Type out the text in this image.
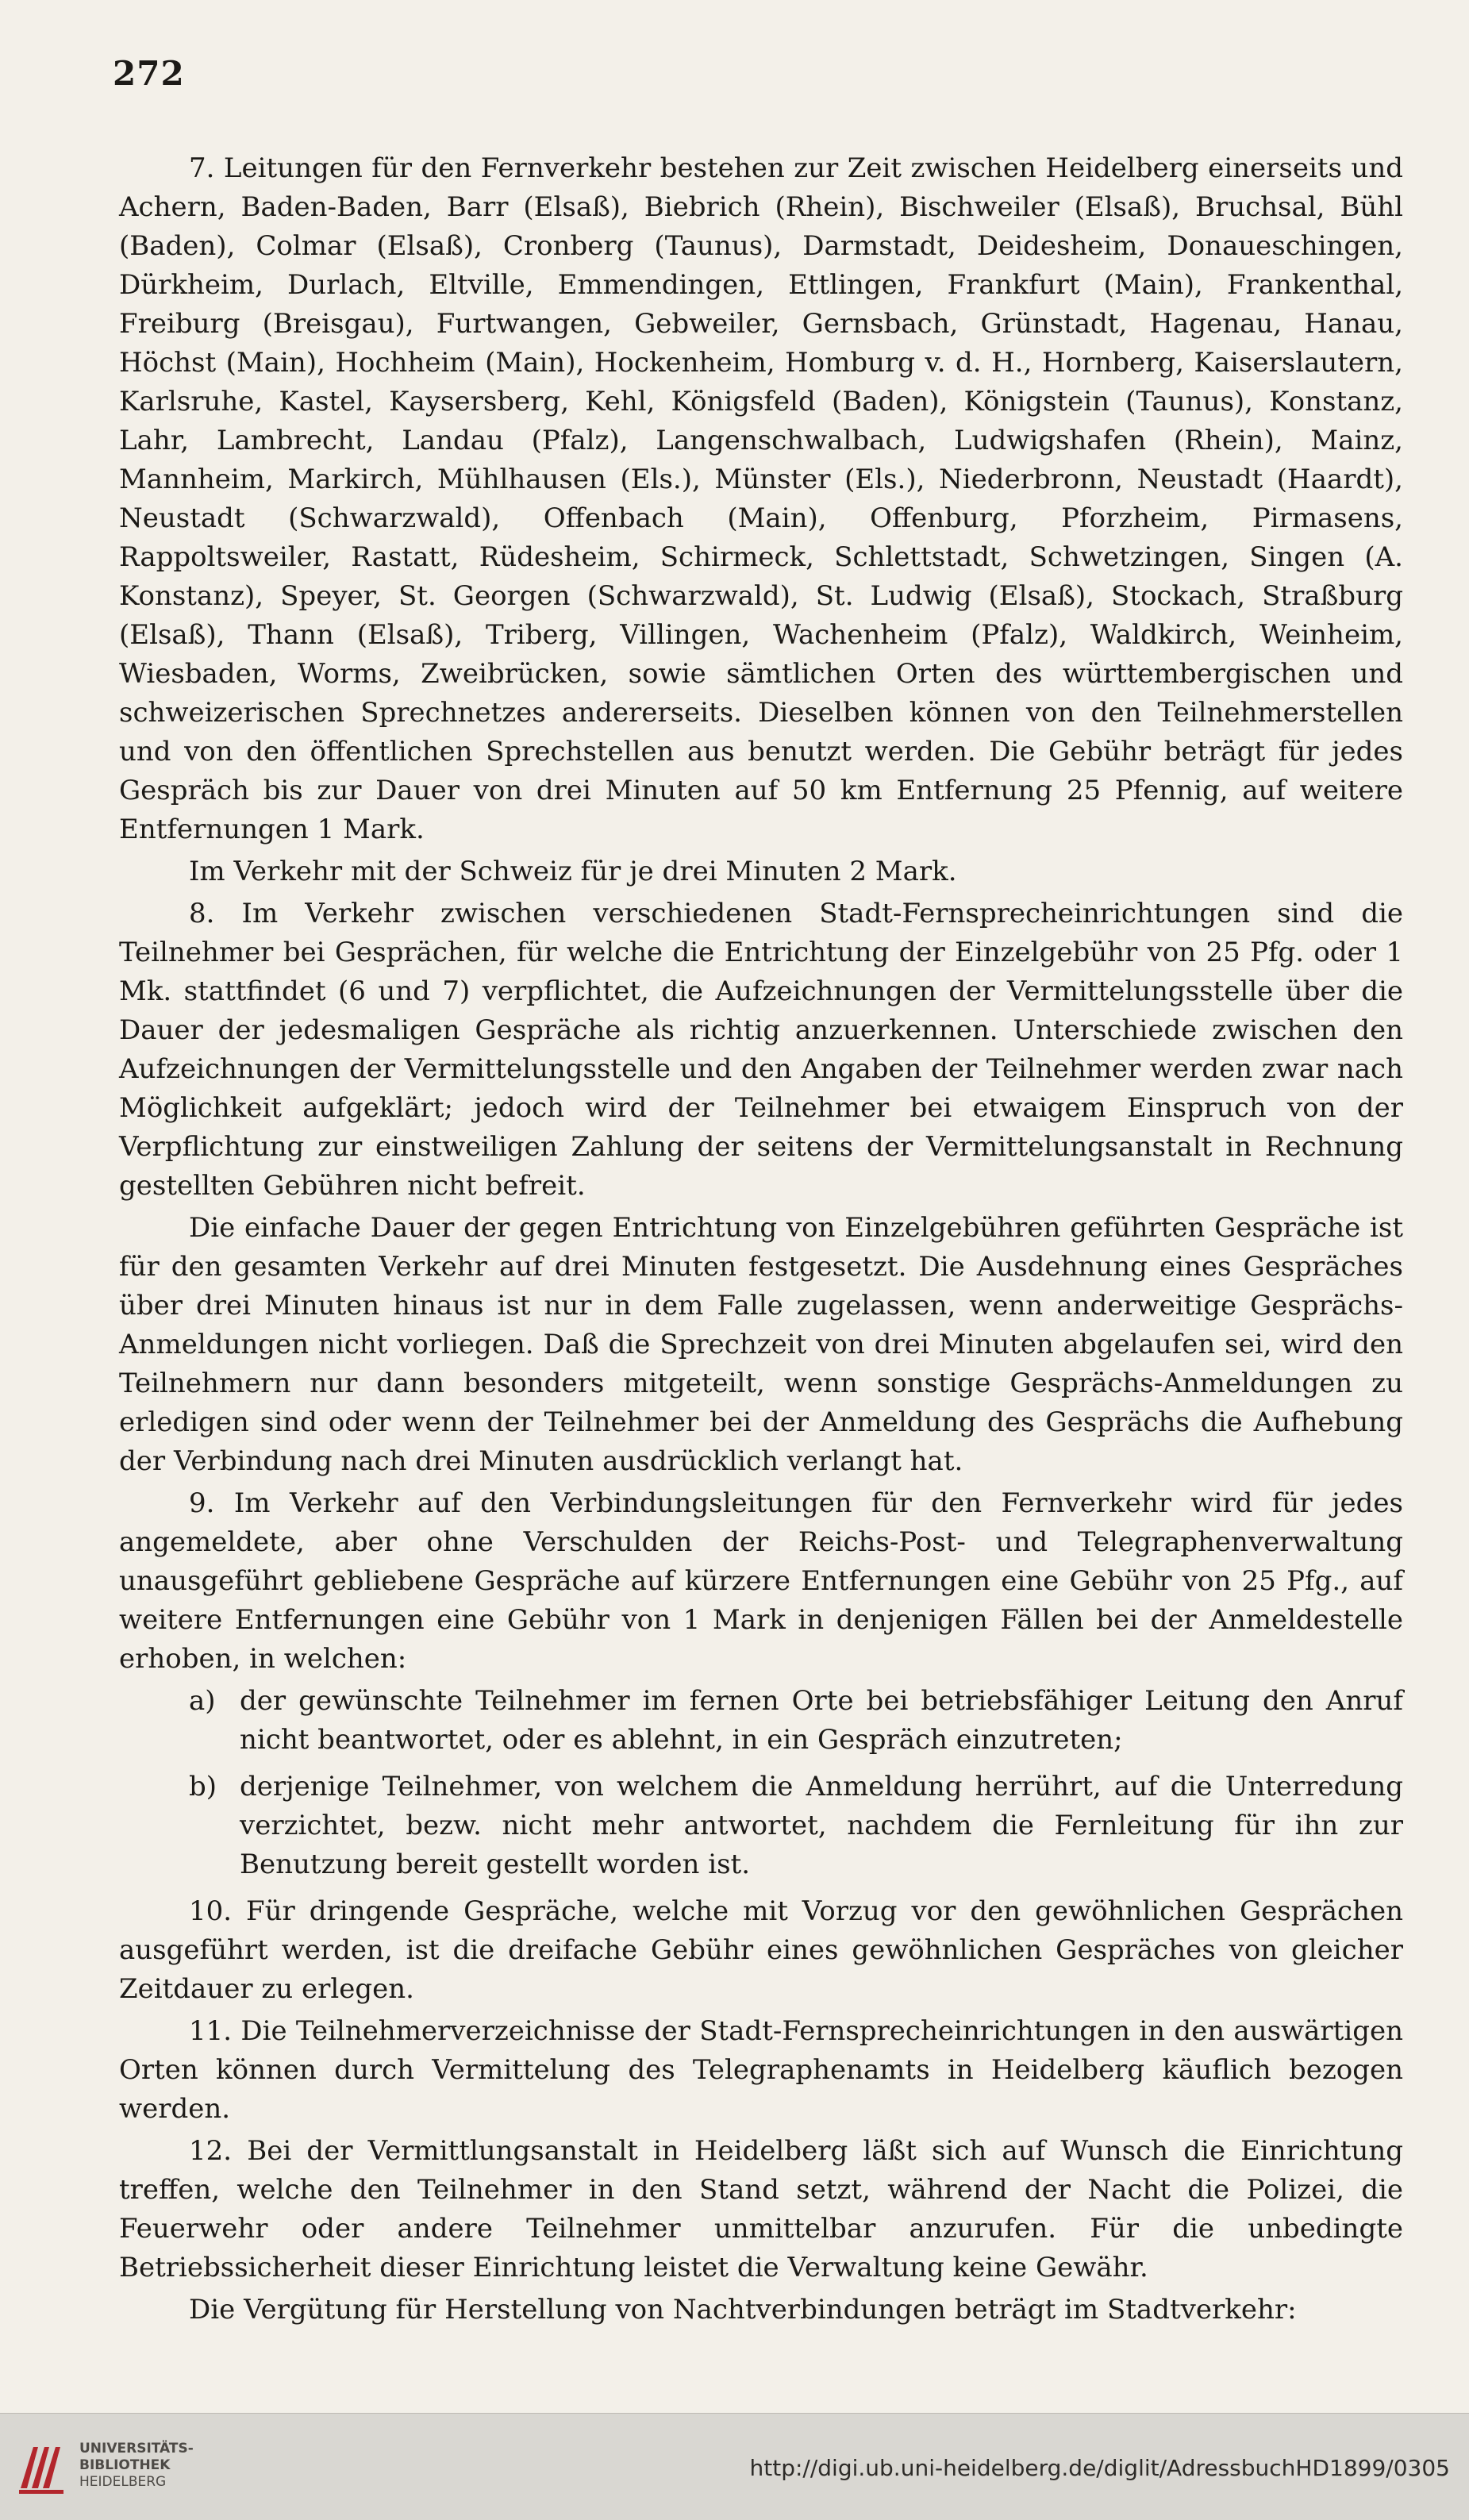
272

7. Leitungen für den Fernverkehr bestehen zur Zeit zwischen Heidelberg einerseits und Achern, Baden-Baden, Barr (Elsaß), Biebrich (Rhein), Bischweiler (Elsaß), Bruchsal, Bühl (Baden), Colmar (Elsaß), Cronberg (Taunus), Darmstadt, Deidesheim, Donaueschingen, Dürkheim, Durlach, Eltville, Emmendingen, Ettlingen, Frankfurt (Main), Frankenthal, Freiburg (Breisgau), Furtwangen, Gebweiler, Gernsbach, Grünstadt, Hagenau, Hanau, Höchst (Main), Hochheim (Main), Hockenheim, Homburg v. d. H., Hornberg, Kaiserslautern, Karlsruhe, Kastel, Kaysersberg, Kehl, Königsfeld (Baden), Königstein (Taunus), Konstanz, Lahr, Lambrecht, Landau (Pfalz), Langenschwalbach, Ludwigshafen (Rhein), Mainz, Mannheim, Markirch, Mühlhausen (Els.), Münster (Els.), Niederbronn, Neustadt (Haardt), Neustadt (Schwarzwald), Offenbach (Main), Offenburg, Pforzheim, Pirmasens, Rappoltsweiler, Rastatt, Rüdesheim, Schirmeck, Schlettstadt, Schwetzingen, Singen (A. Konstanz), Speyer, St. Georgen (Schwarzwald), St. Ludwig (Elsaß), Stockach, Straßburg (Elsaß), Thann (Elsaß), Triberg, Villingen, Wachenheim (Pfalz), Waldkirch, Weinheim, Wiesbaden, Worms, Zweibrücken, sowie sämtlichen Orten des württembergischen und schweizerischen Sprechnetzes andererseits. Dieselben können von den Teilnehmerstellen und von den öffentlichen Sprechstellen aus benutzt werden. Die Gebühr beträgt für jedes Gespräch bis zur Dauer von drei Minuten auf 50 km Entfernung 25 Pfennig, auf weitere Entfernungen 1 Mark.

Im Verkehr mit der Schweiz für je drei Minuten 2 Mark.

8. Im Verkehr zwischen verschiedenen Stadt-Fernsprecheinrichtungen sind die Teilnehmer bei Gesprächen, für welche die Entrichtung der Einzelgebühr von 25 Pfg. oder 1 Mk. stattfindet (6 und 7) verpflichtet, die Aufzeichnungen der Vermittelungsstelle über die Dauer der jedesmaligen Gespräche als richtig anzuerkennen. Unterschiede zwischen den Aufzeichnungen der Vermittelungsstelle und den Angaben der Teilnehmer werden zwar nach Möglichkeit aufgeklärt; jedoch wird der Teilnehmer bei etwaigem Einspruch von der Verpflichtung zur einstweiligen Zahlung der seitens der Vermittelungsanstalt in Rechnung gestellten Gebühren nicht befreit.

Die einfache Dauer der gegen Entrichtung von Einzelgebühren geführten Gespräche ist für den gesamten Verkehr auf drei Minuten festgesetzt. Die Ausdehnung eines Gespräches über drei Minuten hinaus ist nur in dem Falle zugelassen, wenn anderweitige Gesprächs-Anmeldungen nicht vorliegen. Daß die Sprechzeit von drei Minuten abgelaufen sei, wird den Teilnehmern nur dann besonders mitgeteilt, wenn sonstige Gesprächs-Anmeldungen zu erledigen sind oder wenn der Teilnehmer bei der Anmeldung des Gesprächs die Aufhebung der Verbindung nach drei Minuten ausdrücklich verlangt hat.

9. Im Verkehr auf den Verbindungsleitungen für den Fernverkehr wird für jedes angemeldete, aber ohne Verschulden der Reichs-Post- und Telegraphenverwaltung unausgeführt gebliebene Gespräche auf kürzere Entfernungen eine Gebühr von 25 Pfg., auf weitere Entfernungen eine Gebühr von 1 Mark in denjenigen Fällen bei der Anmeldestelle erhoben, in welchen:

a) der gewünschte Teilnehmer im fernen Orte bei betriebsfähiger Leitung den Anruf nicht beantwortet, oder es ablehnt, in ein Gespräch einzutreten;
b) derjenige Teilnehmer, von welchem die Anmeldung herrührt, auf die Unterredung verzichtet, bezw. nicht mehr antwortet, nachdem die Fernleitung für ihn zur Benutzung bereit gestellt worden ist.

10. Für dringende Gespräche, welche mit Vorzug vor den gewöhnlichen Gesprächen ausgeführt werden, ist die dreifache Gebühr eines gewöhnlichen Gespräches von gleicher Zeitdauer zu erlegen.

11. Die Teilnehmerverzeichnisse der Stadt-Fernsprecheinrichtungen in den auswärtigen Orten können durch Vermittelung des Telegraphenamts in Heidelberg käuflich bezogen werden.

12. Bei der Vermittlungsanstalt in Heidelberg läßt sich auf Wunsch die Einrichtung treffen, welche den Teilnehmer in den Stand setzt, während der Nacht die Polizei, die Feuerwehr oder andere Teilnehmer unmittelbar anzurufen. Für die unbedingte Betriebssicherheit dieser Einrichtung leistet die Verwaltung keine Gewähr.

Die Vergütung für Herstellung von Nachtverbindungen beträgt im Stadtverkehr:

UNIVERSITÄTS-
BIBLIOTHEK
HEIDELBERG
http://digi.ub.uni-heidelberg.de/diglit/AdressbuchHD1899/0305
